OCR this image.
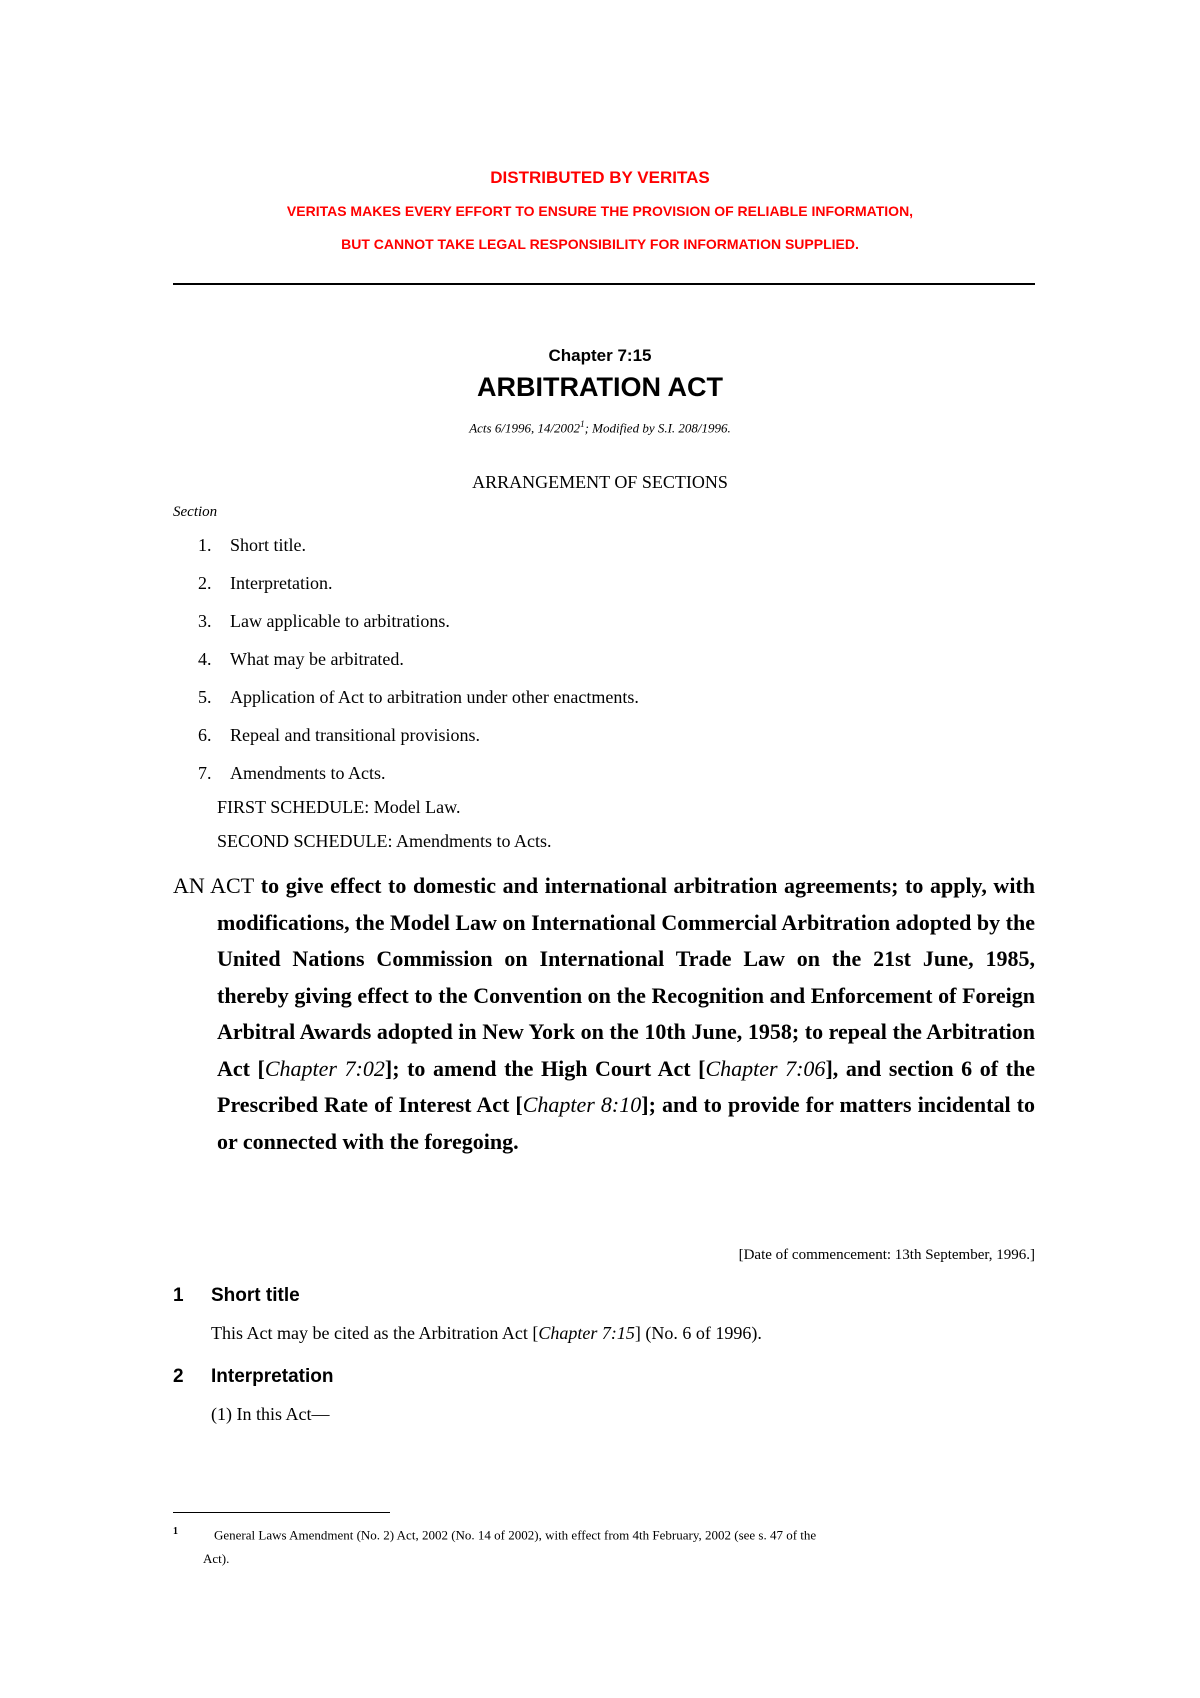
DISTRIBUTED BY VERITAS
VERITAS MAKES EVERY EFFORT TO ENSURE THE PROVISION OF RELIABLE INFORMATION,
BUT CANNOT TAKE LEGAL RESPONSIBILITY FOR INFORMATION SUPPLIED.
Chapter 7:15
ARBITRATION ACT
Acts 6/1996, 14/2002$^1$; Modified by S.I. 208/1996.
ARRANGEMENT OF SECTIONS
Section
1. Short title.
2. Interpretation.
3. Law applicable to arbitrations.
4. What may be arbitrated.
5. Application of Act to arbitration under other enactments.
6. Repeal and transitional provisions.
7. Amendments to Acts.
FIRST SCHEDULE: Model Law.
SECOND SCHEDULE: Amendments to Acts.
AN ACT to give effect to domestic and international arbitration agreements; to apply, with modifications, the Model Law on International Commercial Arbitration adopted by the United Nations Commission on International Trade Law on the 21st June, 1985, thereby giving effect to the Convention on the Recognition and Enforcement of Foreign Arbitral Awards adopted in New York on the 10th June, 1958; to repeal the Arbitration Act [Chapter 7:02]; to amend the High Court Act [Chapter 7:06], and section 6 of the Prescribed Rate of Interest Act [Chapter 8:10]; and to provide for matters incidental to or connected with the foregoing.
[Date of commencement: 13th September, 1996.]
1 Short title
This Act may be cited as the Arbitration Act [Chapter 7:15] (No. 6 of 1996).
2 Interpretation
(1) In this Act—
$^1$	General Laws Amendment (No. 2) Act, 2002 (No. 14 of 2002), with effect from 4th February, 2002 (see s. 47 of the
Act).
